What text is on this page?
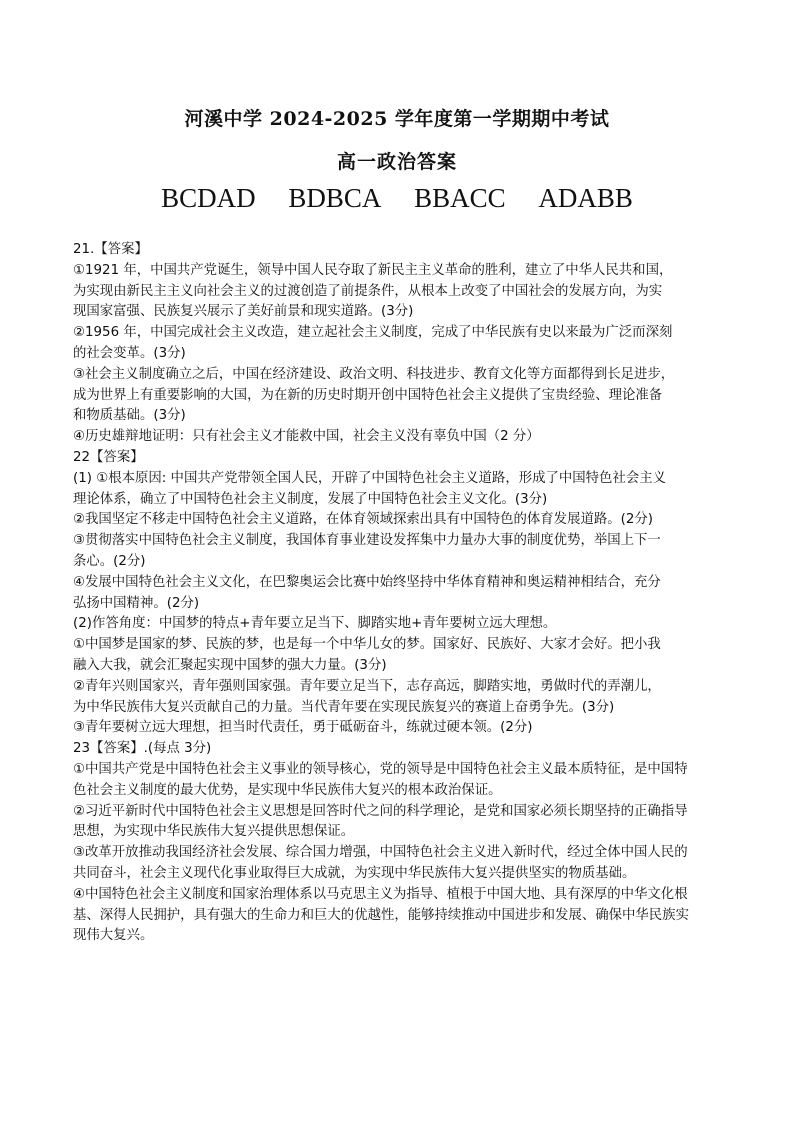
河溪中学 2024-2025 学年度第一学期期中考试
高一政治答案
BCDAD BDBCA BBACC ADABB

21.【答案】

①1921 年，中国共产党诞生，领导中国人民夺取了新民主主义革命的胜利，建立了中华人民共和国，

为实现由新民主主义向社会主义的过渡创造了前提条件，从根本上改变了中国社会的发展方向，为实

现国家富强、民族复兴展示了美好前景和现实道路。(3分)

②1956 年，中国完成社会主义改造，建立起社会主义制度，完成了中华民族有史以来最为广泛而深刻

的社会变革。(3分)

③社会主义制度确立之后，中国在经济建设、政治文明、科技进步、教育文化等方面都得到长足进步，

成为世界上有重要影响的大国，为在新的历史时期开创中国特色社会主义提供了宝贵经验、理论准备

和物质基础。(3分)

④历史雄辩地证明：只有社会主义才能救中国，社会主义没有辜负中国（2 分）

22【答案】

(1) ①根本原因: 中国共产党带领全国人民，开辟了中国特色社会主义道路，形成了中国特色社会主义

理论体系，确立了中国特色社会主义制度，发展了中国特色社会主义文化。(3分)

②我国坚定不移走中国特色社会主义道路，在体育领域探索出具有中国特色的体育发展道路。(2分)

③贯彻落实中国特色社会主义制度，我国体育事业建设发挥集中力量办大事的制度优势，举国上下一

条心。(2分)

④发展中国特色社会主义文化，在巴黎奥运会比赛中始终坚持中华体育精神和奥运精神相结合，充分

弘扬中国精神。(2分)

(2)作答角度：中国梦的特点+青年要立足当下、脚踏实地+青年要树立远大理想。

①中国梦是国家的梦、民族的梦，也是每一个中华儿女的梦。国家好、民族好、大家才会好。把小我

融入大我，就会汇聚起实现中国梦的强大力量。(3分)

②青年兴则国家兴，青年强则国家强。青年要立足当下，志存高远，脚踏实地，勇做时代的弄潮儿，

为中华民族伟大复兴贡献自己的力量。当代青年要在实现民族复兴的赛道上奋勇争先。(3分)

③青年要树立远大理想，担当时代责任，勇于砥砺奋斗，练就过硬本领。(2分)

23【答案】.(每点 3分)

①中国共产党是中国特色社会主义事业的领导核心，党的领导是中国特色社会主义最本质特征，是中国特

色社会主义制度的最大优势，是实现中华民族伟大复兴的根本政治保证。

②习近平新时代中国特色社会主义思想是回答时代之问的科学理论，是党和国家必须长期坚持的正确指导

思想，为实现中华民族伟大复兴提供思想保证。

③改革开放推动我国经济社会发展、综合国力增强，中国特色社会主义进入新时代，经过全体中国人民的

共同奋斗，社会主义现代化事业取得巨大成就，为实现中华民族伟大复兴提供坚实的物质基础。

④中国特色社会主义制度和国家治理体系以马克思主义为指导、植根于中国大地、具有深厚的中华文化根

基、深得人民拥护，具有强大的生命力和巨大的优越性，能够持续推动中国进步和发展、确保中华民族实

现伟大复兴。
